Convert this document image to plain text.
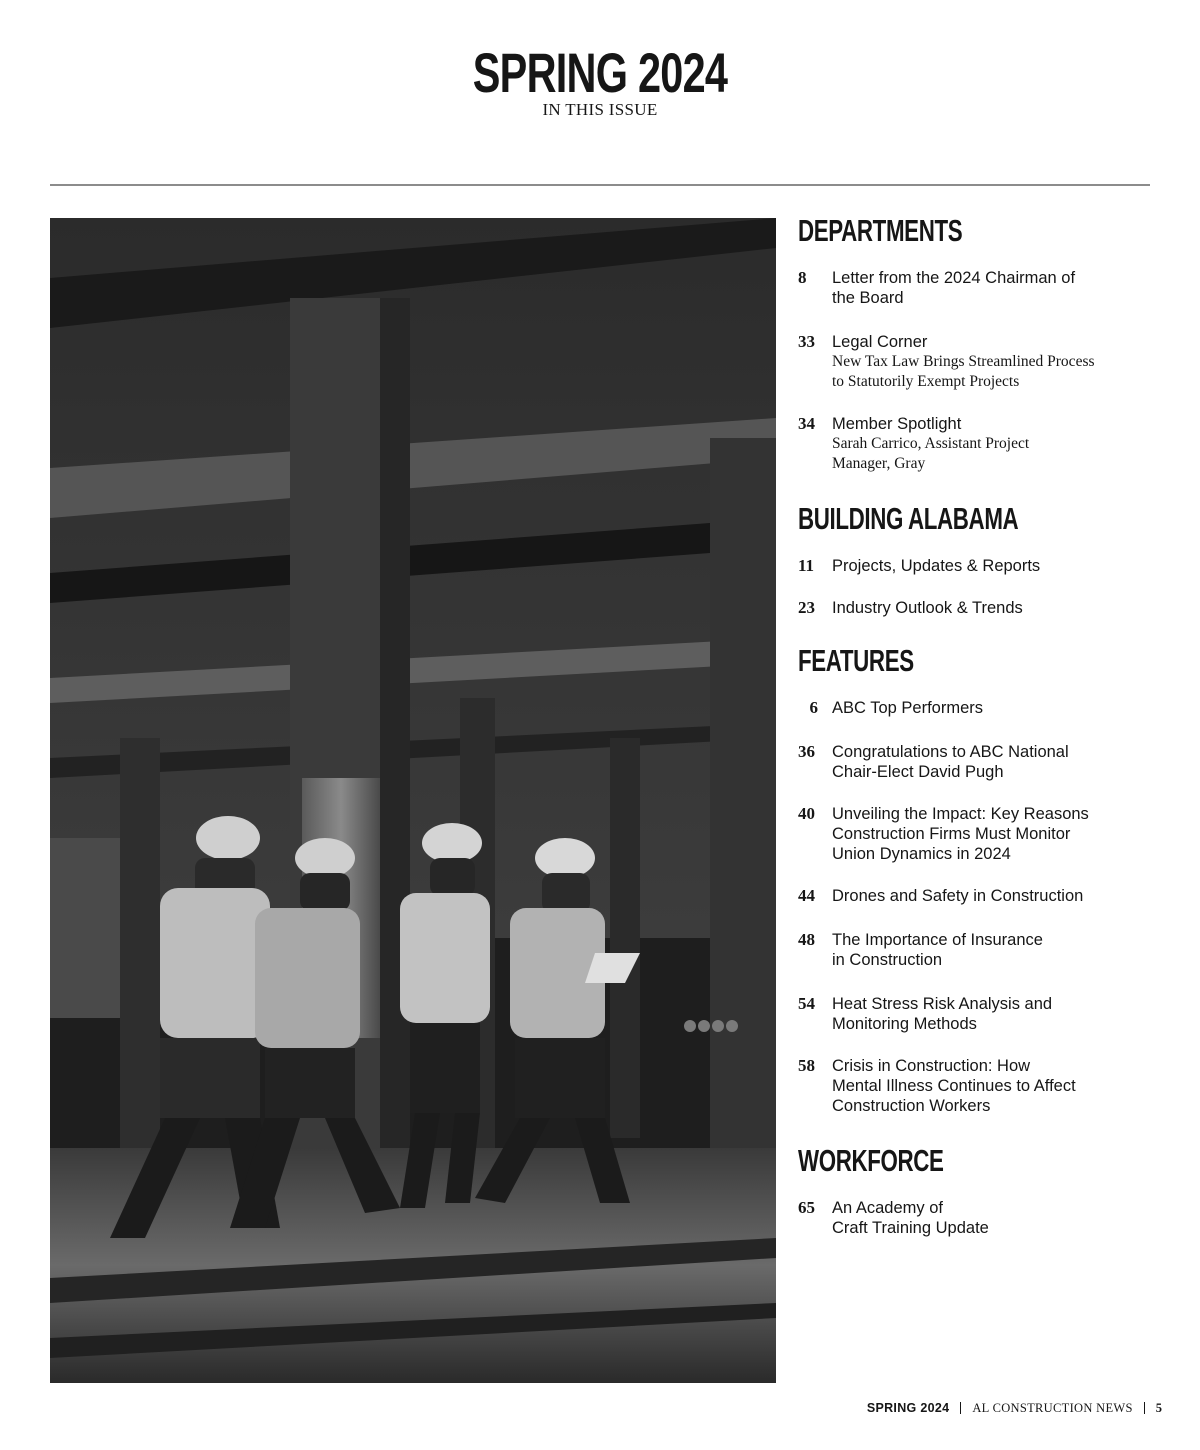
SPRING 2024
IN THIS ISSUE
DEPARTMENTS
8	Letter from the 2024 Chairman of
the Board
33	Legal Corner
New Tax Law Brings Streamlined Process
to Statutorily Exempt Projects
34	Member Spotlight
Sarah Carrico, Assistant Project
Manager, Gray
BUILDING ALABAMA
11	Projects, Updates & Reports
23	Industry Outlook & Trends
FEATURES
6 ABC Top Performers
36	Congratulations to ABC National
Chair-Elect David Pugh
40	Unveiling the Impact: Key Reasons
Construction Firms Must Monitor
Union Dynamics in 2024
44	Drones and Safety in Construction
48	The Importance of Insurance
in Construction
54	Heat Stress Risk Analysis and
Monitoring Methods
58	Crisis in Construction: How
Mental Illness Continues to Affect
Construction Workers
WORKFORCE
65	An Academy of
Craft Training Update
SPRING 2024 AL CONSTRUCTION NEWS 5
